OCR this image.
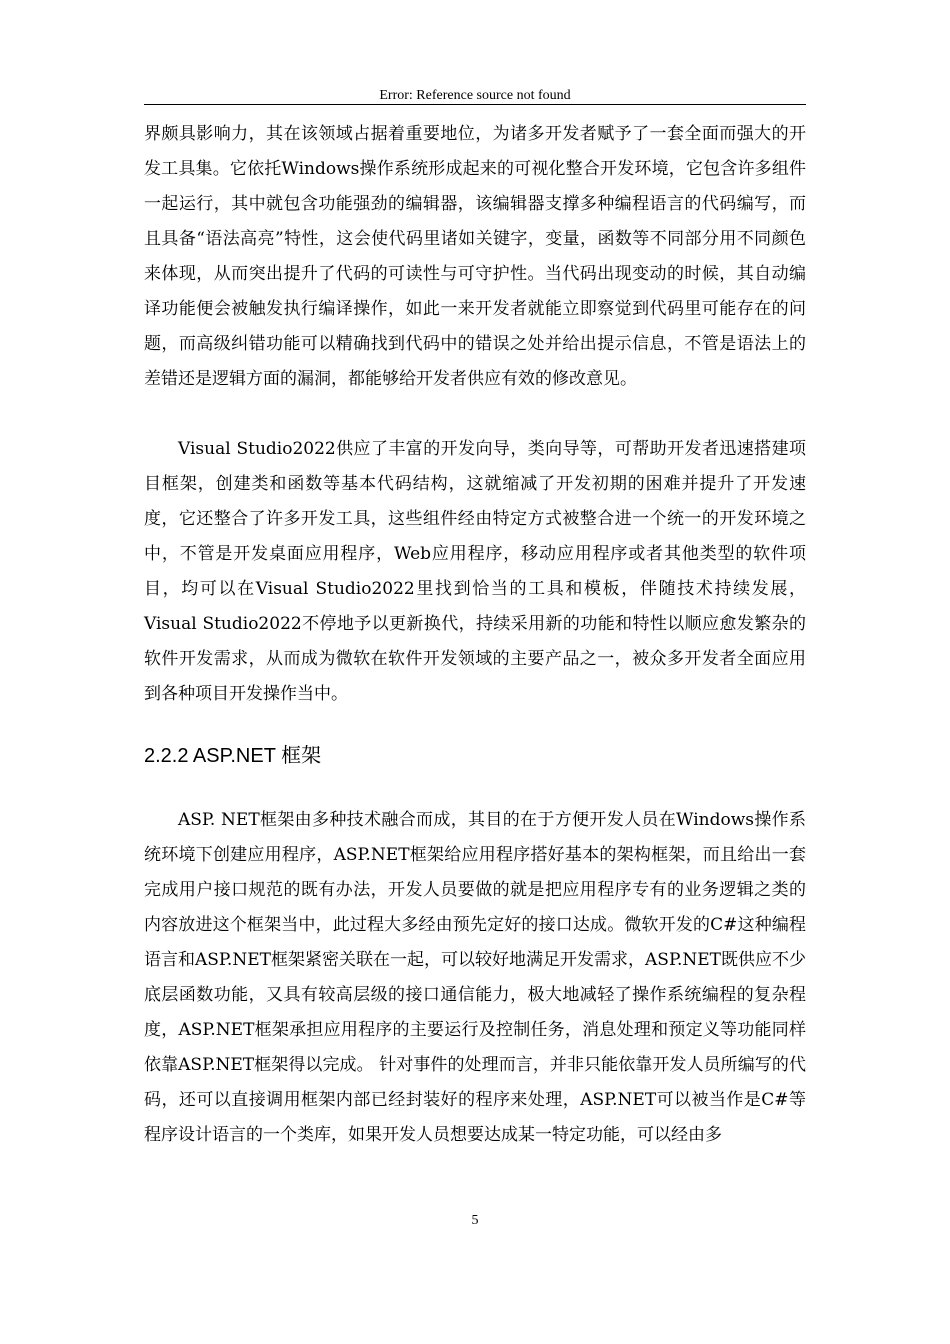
Error: Reference source not found

界颇具影响力，其在该领域占据着重要地位，为诸多开发者赋予了一套全面而强大的开发工具集。它依托Windows操作系统形成起来的可视化整合开发环境，它包含许多组件一起运行，其中就包含功能强劲的编辑器，该编辑器支撑多种编程语言的代码编写，而且具备“语法高亮”特性，这会使代码里诸如关键字，变量，函数等不同部分用不同颜色来体现，从而突出提升了代码的可读性与可守护性。当代码出现变动的时候，其自动编译功能便会被触发执行编译操作，如此一来开发者就能立即察觉到代码里可能存在的问题，而高级纠错功能可以精确找到代码中的错误之处并给出提示信息，不管是语法上的差错还是逻辑方面的漏洞，都能够给开发者供应有效的修改意见。

Visual Studio2022供应了丰富的开发向导，类向导等，可帮助开发者迅速搭建项目框架，创建类和函数等基本代码结构，这就缩减了开发初期的困难并提升了开发速度，它还整合了许多开发工具，这些组件经由特定方式被整合进一个统一的开发环境之中，不管是开发桌面应用程序，Web应用程序，移动应用程序或者其他类型的软件项目，均可以在Visual Studio2022里找到恰当的工具和模板，伴随技术持续发展，Visual Studio2022不停地予以更新换代，持续采用新的功能和特性以顺应愈发繁杂的软件开发需求，从而成为微软在软件开发领域的主要产品之一，被众多开发者全面应用到各种项目开发操作当中。

2.2.2 ASP.NET 框架

ASP. NET框架由多种技术融合而成，其目的在于方便开发人员在Windows操作系统环境下创建应用程序，ASP.NET框架给应用程序搭好基本的架构框架，而且给出一套完成用户接口规范的既有办法，开发人员要做的就是把应用程序专有的业务逻辑之类的内容放进这个框架当中，此过程大多经由预先定好的接口达成。微软开发的C#这种编程语言和ASP.NET框架紧密关联在一起，可以较好地满足开发需求，ASP.NET既供应不少底层函数功能，又具有较高层级的接口通信能力，极大地减轻了操作系统编程的复杂程度，ASP.NET框架承担应用程序的主要运行及控制任务，消息处理和预定义等功能同样依靠ASP.NET框架得以完成。 针对事件的处理而言，并非只能依靠开发人员所编写的代码，还可以直接调用框架内部已经封装好的程序来处理，ASP.NET可以被当作是C#等程序设计语言的一个类库，如果开发人员想要达成某一特定功能，可以经由多

5
